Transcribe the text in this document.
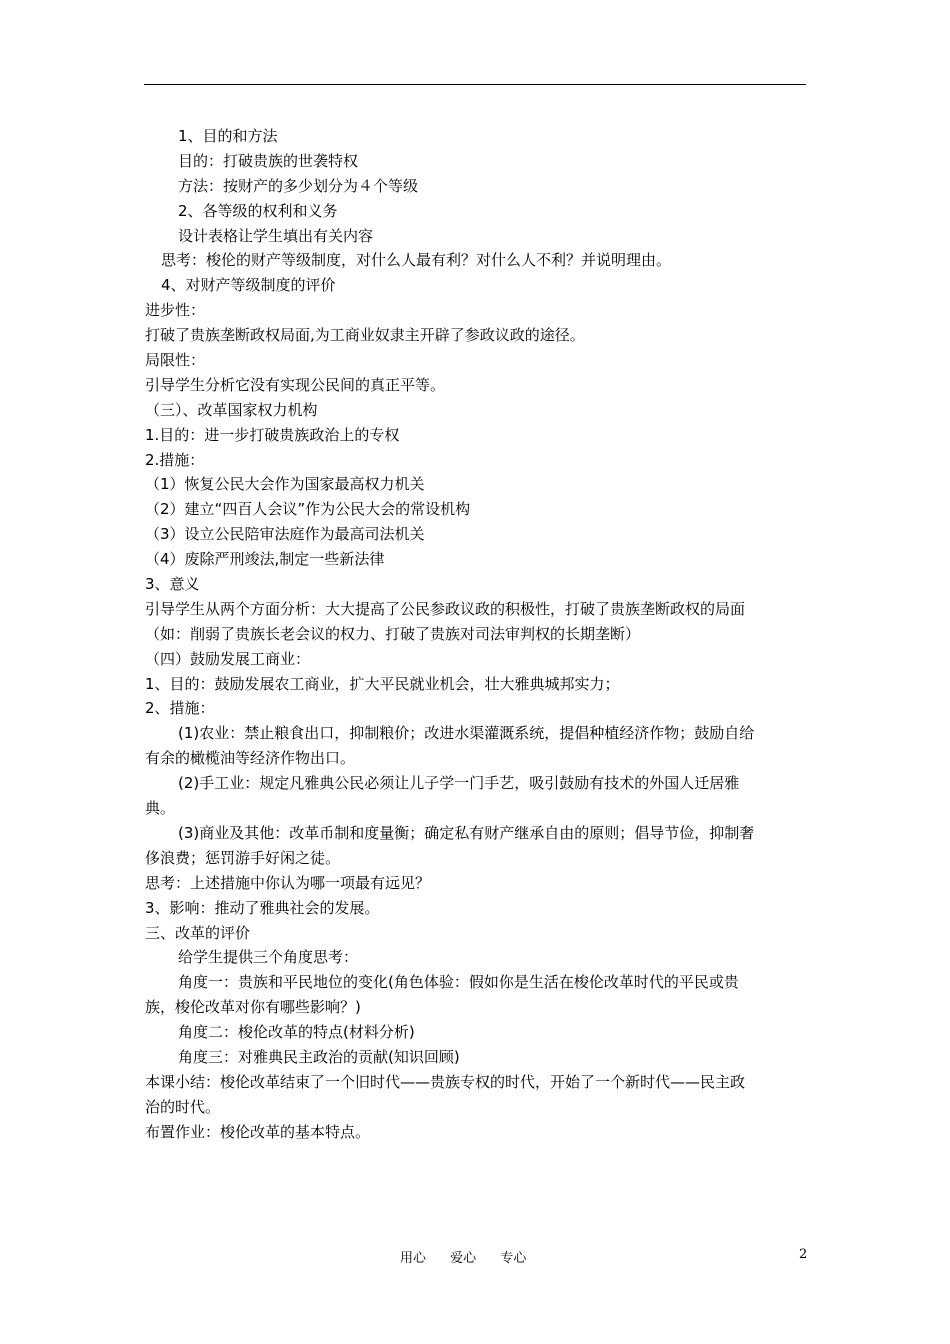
1、目的和方法
目的：打破贵族的世袭特权
方法：按财产的多少划分为４个等级
2、各等级的权利和义务
设计表格让学生填出有关内容
思考：梭伦的财产等级制度，对什么人最有利？对什么人不利？并说明理由。
4、对财产等级制度的评价
进步性：
打破了贵族垄断政权局面,为工商业奴隶主开辟了参政议政的途径。
局限性：
引导学生分析它没有实现公民间的真正平等。
（三）、改革国家权力机构
1.目的：进一步打破贵族政治上的专权
2.措施：
（1）恢复公民大会作为国家最高权力机关
（2）建立“四百人会议”作为公民大会的常设机构
（3）设立公民陪审法庭作为最高司法机关
（4）废除严刑竣法,制定一些新法律
3、意义
引导学生从两个方面分析：大大提高了公民参政议政的积极性，打破了贵族垄断政权的局面
（如：削弱了贵族长老会议的权力、打破了贵族对司法审判权的长期垄断）
（四）鼓励发展工商业：
1、目的：鼓励发展农工商业，扩大平民就业机会，壮大雅典城邦实力；
2、措施：
(1)农业：禁止粮食出口，抑制粮价；改进水渠灌溉系统，提倡种植经济作物；鼓励自给
有余的橄榄油等经济作物出口。
(2)手工业：规定凡雅典公民必须让儿子学一门手艺，吸引鼓励有技术的外国人迁居雅
典。
(3)商业及其他：改革币制和度量衡；确定私有财产继承自由的原则；倡导节俭，抑制奢
侈浪费；惩罚游手好闲之徒。
思考：上述措施中你认为哪一项最有远见？
3、影响：推动了雅典社会的发展。
三、改革的评价
给学生提供三个角度思考：
角度一：贵族和平民地位的变化(角色体验：假如你是生活在梭伦改革时代的平民或贵
族，梭伦改革对你有哪些影响？)
角度二：梭伦改革的特点(材料分析)
角度三：对雅典民主政治的贡献(知识回顾)
本课小结：梭伦改革结束了一个旧时代——贵族专权的时代，开始了一个新时代——民主政
治的时代。
布置作业：梭伦改革的基本特点。
用心 爱心 专心	2
